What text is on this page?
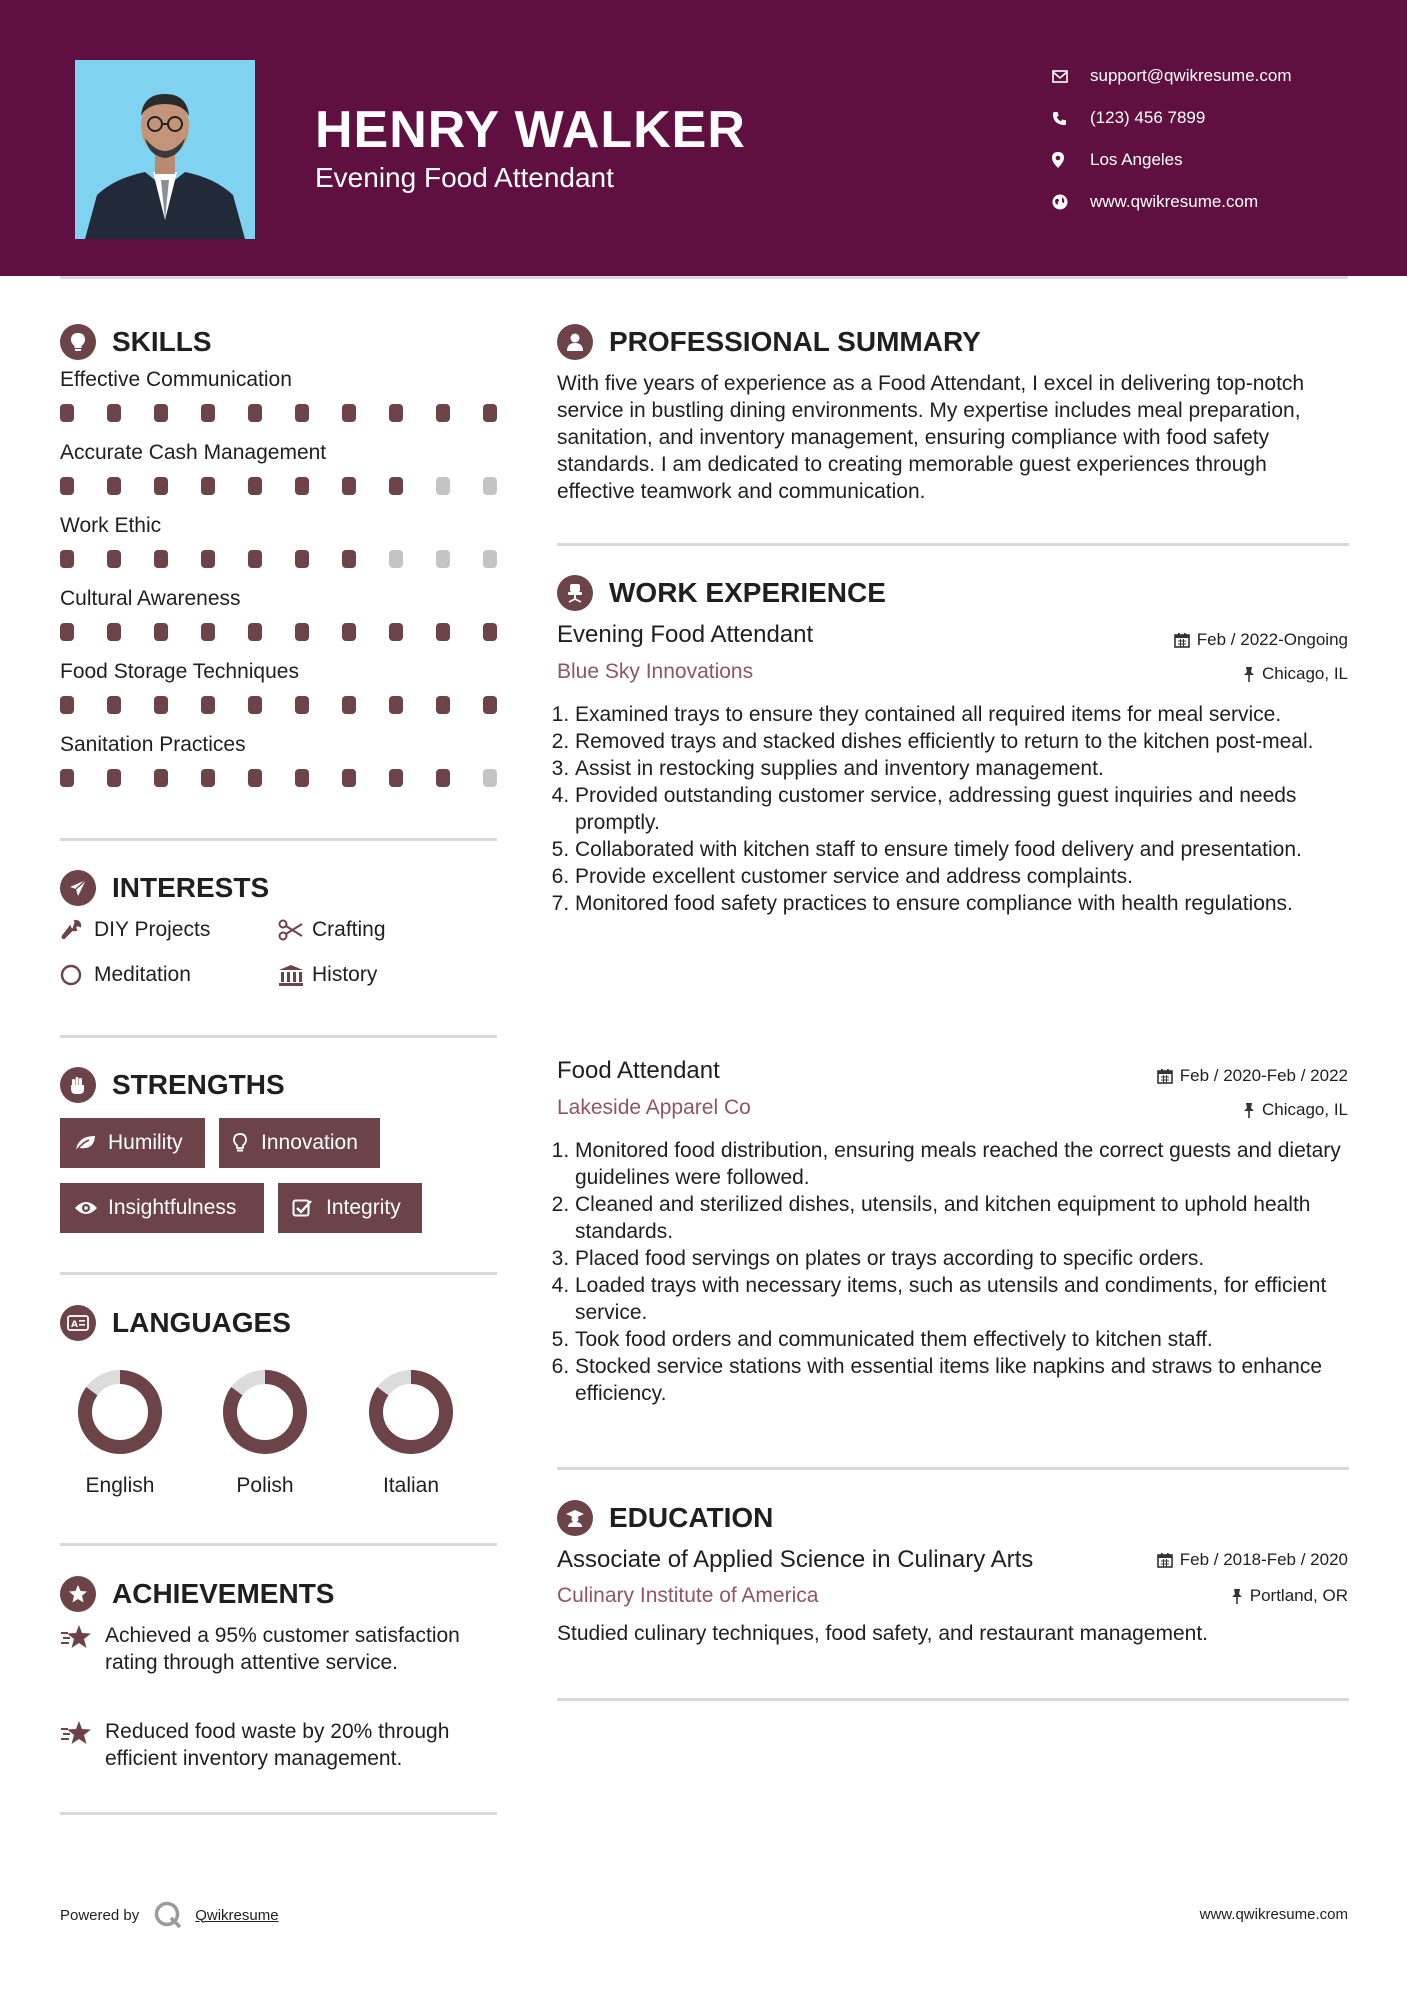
HENRY WALKER
Evening Food Attendant
support@qwikresume.com
(123) 456 7899
Los Angeles
www.qwikresume.com
SKILLS
Effective Communication
Accurate Cash Management
Work Ethic
Cultural Awareness
Food Storage Techniques
Sanitation Practices
INTERESTS
DIY Projects	Crafting
Meditation	History
STRENGTHS
Humility	Innovation
Insightfulness	Integrity
A LANGUAGES
English	Polish	Italian
ACHIEVEMENTS
Achieved a 95% customer satisfaction rating through attentive service.
Reduced food waste by 20% through efficient inventory management.
PROFESSIONAL SUMMARY
With five years of experience as a Food Attendant, I excel in delivering top-notch service in bustling dining environments. My expertise includes meal preparation, sanitation, and inventory management, ensuring compliance with food safety standards. I am dedicated to creating memorable guest experiences through effective teamwork and communication.
WORK EXPERIENCE
Evening Food Attendant
Blue Sky Innovations
Feb / 2022-Ongoing
Chicago, IL
1. Examined trays to ensure they contained all required items for meal service.
2. Removed trays and stacked dishes efficiently to return to the kitchen post-meal.
3. Assist in restocking supplies and inventory management.
4. Provided outstanding customer service, addressing guest inquiries and needs promptly.
5. Collaborated with kitchen staff to ensure timely food delivery and presentation.
6. Provide excellent customer service and address complaints.
7. Monitored food safety practices to ensure compliance with health regulations.
Food Attendant
Lakeside Apparel Co
Feb / 2020-Feb / 2022
Chicago, IL
1. Monitored food distribution, ensuring meals reached the correct guests and dietary guidelines were followed.
2. Cleaned and sterilized dishes, utensils, and kitchen equipment to uphold health standards.
3. Placed food servings on plates or trays according to specific orders.
4. Loaded trays with necessary items, such as utensils and condiments, for efficient service.
5. Took food orders and communicated them effectively to kitchen staff.
6. Stocked service stations with essential items like napkins and straws to enhance efficiency.
EDUCATION
Associate of Applied Science in Culinary Arts
Culinary Institute of America
Feb / 2018-Feb / 2020
Portland, OR
Studied culinary techniques, food safety, and restaurant management.
Powered by	Qwikresume	www.qwikresume.com
